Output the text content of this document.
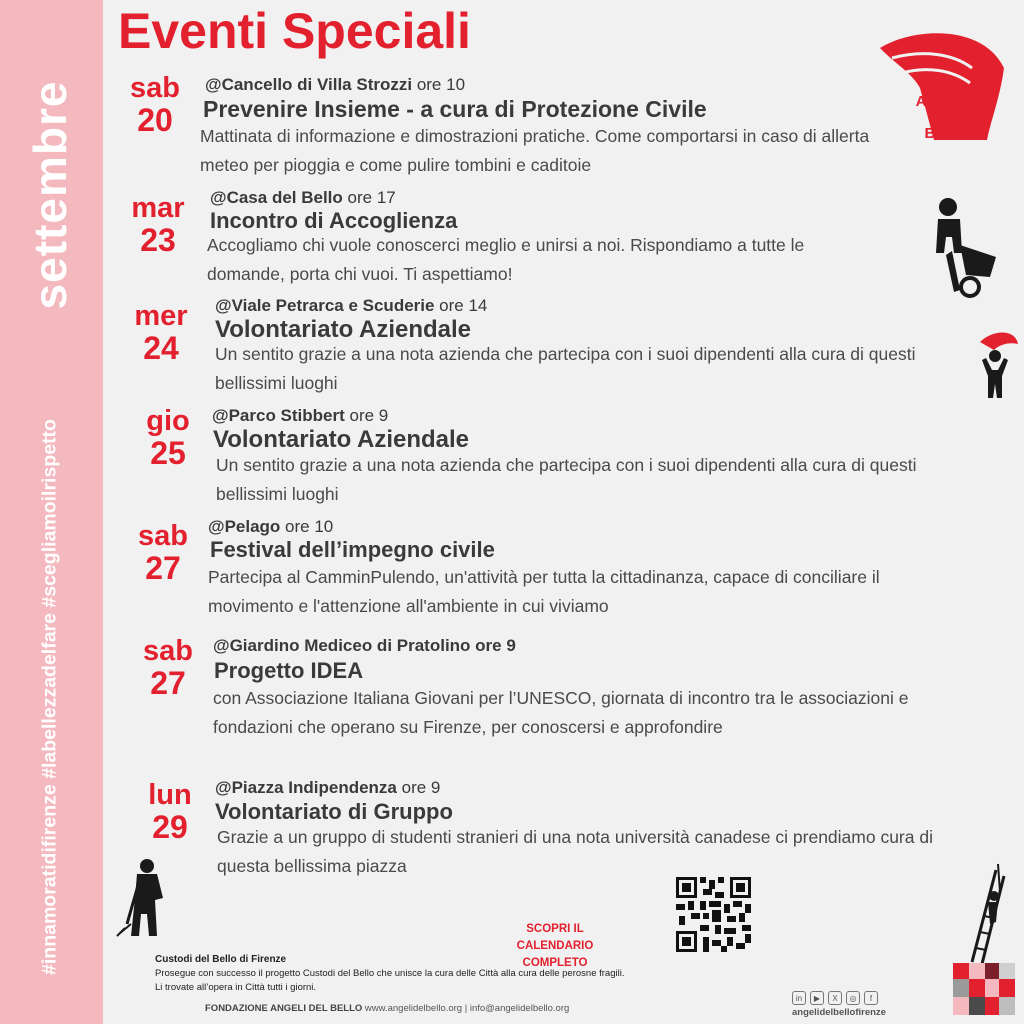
settembre
#innamoratidifirenze #labellezzadelfare #sceglia​moilrispetto
Eventi Speciali
sab
20
@Cancello di Villa Strozzi ore 10
Prevenire Insieme - a cura di Protezione Civile
Mattinata di informazione e dimostrazioni pratiche. Come comportarsi in caso di allerta meteo per pioggia e come pulire tombini e caditoie
mar
23
@Casa del Bello ore 17
Incontro di Accoglienza
Accogliamo chi vuole conoscerci meglio e unirsi a noi. Rispondiamo a tutte le domande, porta chi vuoi. Ti aspettiamo!
mer
24
@Viale Petrarca e Scuderie ore 14
Volontariato Aziendale
Un sentito grazie a una nota azienda che partecipa con i suoi dipendenti alla cura di questi bellissimi luoghi
gio
25
@Parco Stibbert ore 9
Volontariato Aziendale
Un sentito grazie a una nota azienda che partecipa con i suoi dipendenti alla cura di questi bellissimi luoghi
sab
27
@Pelago ore 10
Festival dell’impegno civile
Partecipa al CamminPulendo, un'attività per tutta la cittadinanza, capace di conciliare il movimento e l'attenzione all'ambiente in cui viviamo
sab
27
@Giardino Mediceo di Pratolino ore 9
Progetto IDEA
con Associazione Italiana Giovani per l’UNESCO, giornata di incontro tra le associazioni e fondazioni che operano su Firenze, per conoscersi e approfondire
lun
29
@Piazza Indipendenza ore 9
Volontariato di Gruppo
Grazie a un gruppo di studenti stranieri di una nota università canadese ci prendiamo cura di questa bellissima piazza
ANGELI
DEL
BELLO.
SCOPRI IL
CALENDARIO COMPLETO
Custodi del Bello di Firenze
Prosegue con successo il progetto Custodi del Bello che unisce la cura delle Città alla cura delle perosne fragili.
Li trovate all’opera in Città tutti i giorni.
FONDAZIONE ANGELI DEL BELLO www.angelidelbello.org | info@angelidelbello.org
in	▶	X	◎	f
angelidelbellofirenze
